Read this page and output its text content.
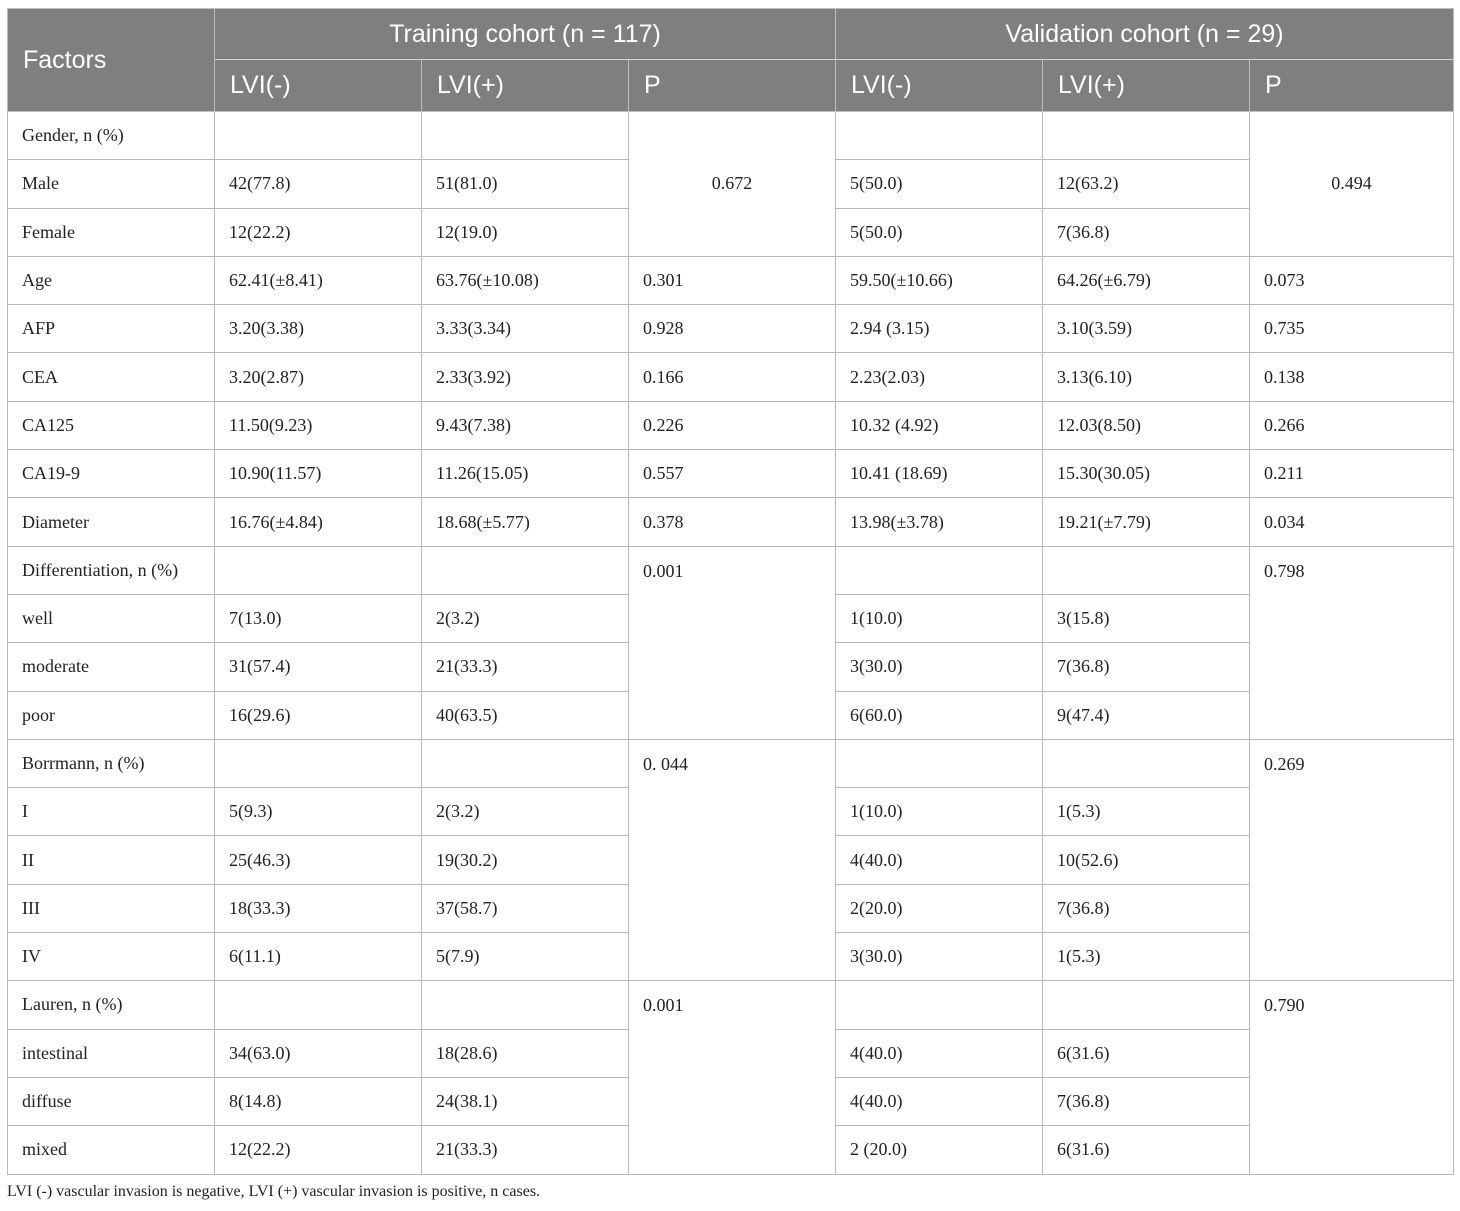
Factors	Training cohort (n = 117)			Validation cohort (n = 29)		
	LVI(-)	LVI(+)	P	LVI(-)	LVI(+)	P
Gender, n (%)			0.672			0.494
Male	42(77.8)	51(81.0)		5(50.0)	12(63.2)	
Female	12(22.2)	12(19.0)		5(50.0)	7(36.8)	
Age	62.41(±8.41)	63.76(±10.08)	0.301	59.50(±10.66)	64.26(±6.79)	0.073
AFP	3.20(3.38)	3.33(3.34)	0.928	2.94 (3.15)	3.10(3.59)	0.735
CEA	3.20(2.87)	2.33(3.92)	0.166	2.23(2.03)	3.13(6.10)	0.138
CA125	11.50(9.23)	9.43(7.38)	0.226	10.32 (4.92)	12.03(8.50)	0.266
CA19-9	10.90(11.57)	11.26(15.05)	0.557	10.41 (18.69)	15.30(30.05)	0.211
Diameter	16.76(±4.84)	18.68(±5.77)	0.378	13.98(±3.78)	19.21(±7.79)	0.034
Differentiation, n (%)			0.001			0.798
well	7(13.0)	2(3.2)		1(10.0)	3(15.8)	
moderate	31(57.4)	21(33.3)		3(30.0)	7(36.8)	
poor	16(29.6)	40(63.5)		6(60.0)	9(47.4)	
Borrmann, n (%)			0. 044			0.269
I	5(9.3)	2(3.2)		1(10.0)	1(5.3)	
II	25(46.3)	19(30.2)		4(40.0)	10(52.6)	
III	18(33.3)	37(58.7)		2(20.0)	7(36.8)	
IV	6(11.1)	5(7.9)		3(30.0)	1(5.3)	
Lauren, n (%)			0.001			0.790
intestinal	34(63.0)	18(28.6)		4(40.0)	6(31.6)	
diffuse	8(14.8)	24(38.1)		4(40.0)	7(36.8)	
mixed	12(22.2)	21(33.3)		2 (20.0)	6(31.6)	
LVI (-) vascular invasion is negative, LVI (+) vascular invasion is positive, n cases.
